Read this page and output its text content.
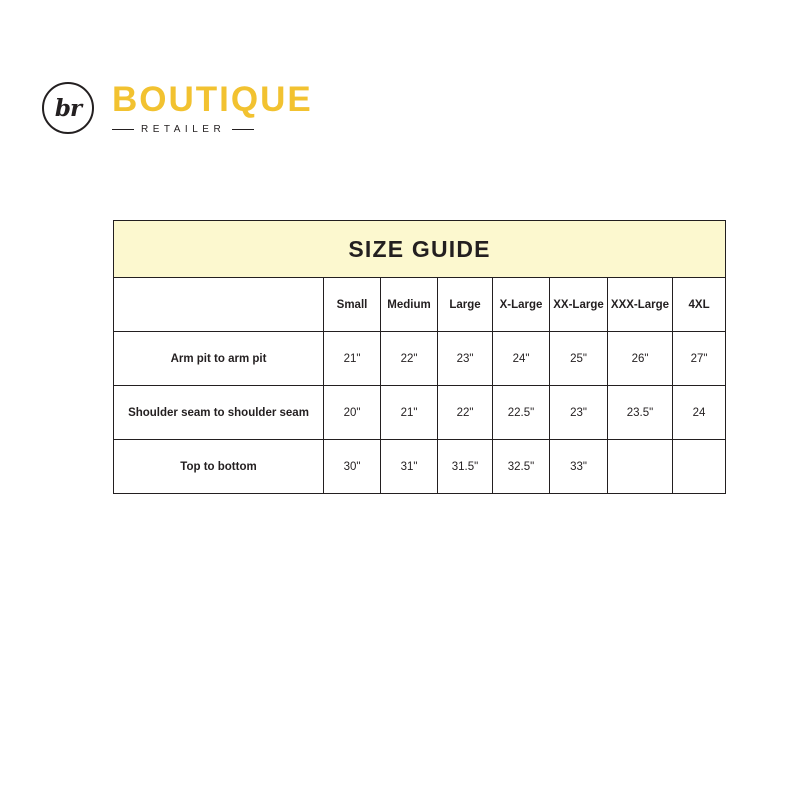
br BOUTIQUE
RETAILER
SIZE GUIDE							
	Small	Medium	Large	X-Large	XX-Large	XXX-Large	4XL
Arm pit to arm pit	21"	22"	23"	24"	25"	26"	27"
Shoulder seam to shoulder seam	20"	21"	22"	22.5"	23"	23.5"	24
Top to bottom	30"	31"	31.5"	32.5"	33"		
